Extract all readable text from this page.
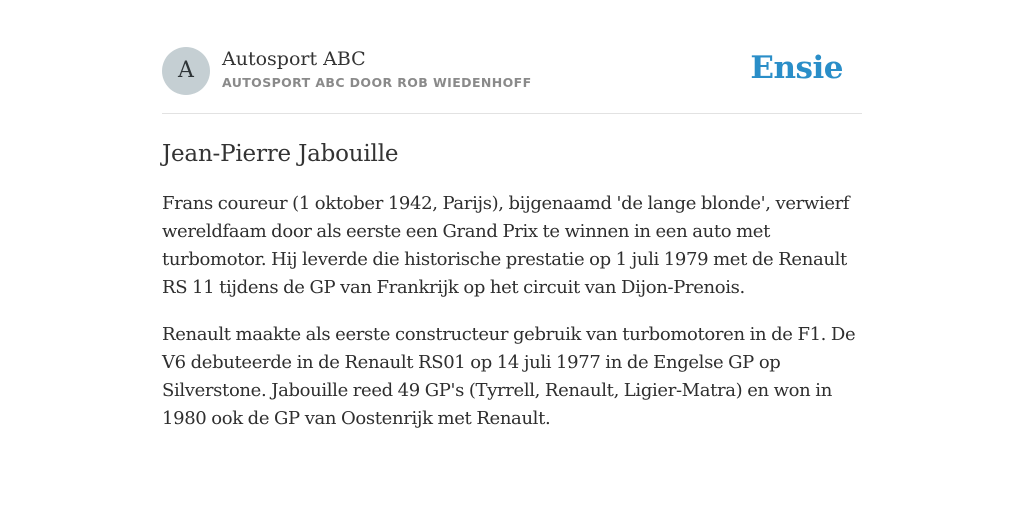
A	Autosport ABC
AUTOSPORT ABC DOOR ROB WIEDENHOFF	Ensie
Jean-Pierre Jabouille

Frans coureur (1 oktober 1942, Parijs), bijgenaamd 'de lange blonde', verwierf wereldfaam door als eerste een Grand Prix te winnen in een auto met turbomotor. Hij leverde die historische prestatie op 1 juli 1979 met de Renault RS 11 tijdens de GP van Frankrijk op het circuit van Dijon-Prenois.

Renault maakte als eerste constructeur gebruik van turbomotoren in de F1. De V6 debuteerde in de Renault RS01 op 14 juli 1977 in de Engelse GP op Silverstone. Jabouille reed 49 GP's (Tyrrell, Renault, Ligier-Matra) en won in 1980 ook de GP van Oostenrijk met Renault.
